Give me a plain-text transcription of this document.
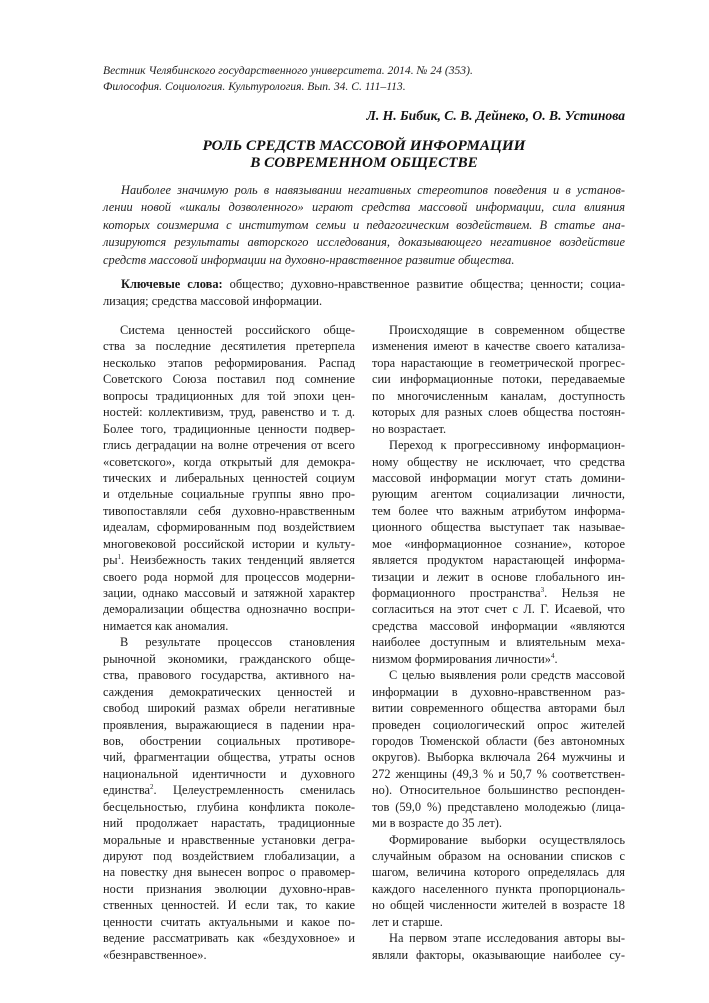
Вестник Челябинского государственного университета. 2014. № 24 (353).
Философия. Социология. Культурология. Вып. 34. С. 111–113.
Л. Н. Бибик, С. В. Дейнеко, О. В. Устинова
РОЛЬ СРЕДСТВ МАССОВОЙ ИНФОРМАЦИИ
В СОВРЕМЕННОМ ОБЩЕСТВЕ
Наиболее значимую роль в навязывании негативных стереотипов поведения и в установ-
лении новой «шкалы дозволенного» играют средства массовой информации, сила влияния
которых соизмерима с институтом семьи и педагогическим воздействием. В статье ана-
лизируются результаты авторского исследования, доказывающего негативное воздействие
средств массовой информации на духовно-нравственное развитие общества.
Ключевые слова: общество; духовно-нравственное развитие общества; ценности; социа-
лизация; средства массовой информации.
Система ценностей российского обще-
ства за последние десятилетия претерпела
несколько этапов реформирования. Распад
Советского Союза поставил под сомнение
вопросы традиционных для той эпохи цен-
ностей: коллективизм, труд, равенство и т. д.
Более того, традиционные ценности подвер-
глись деградации на волне отречения от всего
«советского», когда открытый для демокра-
тических и либеральных ценностей социум
и отдельные социальные группы явно про-
тивопоставляли себя духовно-нравственным
идеалам, сформированным под воздействием
многовековой российской истории и культу-
$ры^1$. Неизбежность таких тенденций является
своего рода нормой для процессов модерни-
зации, однако массовый и затяжной характер
деморализации общества однозначно воспри-
нимается как аномалия.
В результате процессов становления
рыночной экономики, гражданского обще-
ства, правового государства, активного на-
саждения демократических ценностей и
свобод широкий размах обрели негативные
проявления, выражающиеся в падении нра-
вов, обострении социальных противоре-
чий, фрагментации общества, утраты основ
национальной идентичности и духовного
единства$^2$. Целеустремленность сменилась
бесцельностью, глубина конфликта поколе-
ний продолжает нарастать, традиционные
моральные и нравственные установки дегра-
дируют под воздействием глобализации, а
на повестку дня вынесен вопрос о правомер-
ности признания эволюции духовно-нрав-
ственных ценностей. И если так, то какие
ценности считать актуальными и какое по-
ведение рассматривать как «бездуховное» и
«безнравственное».
Происходящие в современном обществе
изменения имеют в качестве своего катализа-
тора нарастающие в геометрической прогрес-
сии информационные потоки, передаваемые
по многочисленным каналам, доступность
которых для разных слоев общества постоян-
но возрастает.
Переход к прогрессивному информацион-
ному обществу не исключает, что средства
массовой информации могут стать домини-
рующим агентом социализации личности,
тем более что важным атрибутом информа-
ционного общества выступает так называе-
мое «информационное сознание», которое
является продуктом нарастающей информа-
тизации и лежит в основе глобального ин-
формационного пространства$^3$. Нельзя не
согласиться на этот счет с Л. Г. Исаевой, что
средства массовой информации «являются
наиболее доступным и влиятельным меха-
низмом формирования личности»$^4$.
С целью выявления роли средств массовой
информации в духовно-нравственном раз-
витии современного общества авторами был
проведен социологический опрос жителей
городов Тюменской области (без автономных
округов). Выборка включала 264 мужчины и
272 женщины (49,3 % и 50,7 % соответствен-
но). Относительное большинство респонден-
тов (59,0 %) представлено молодежью (лица-
ми в возрасте до 35 лет).
Формирование выборки осуществлялось
случайным образом на основании списков с
шагом, величина которого определялась для
каждого населенного пункта пропорциональ-
но общей численности жителей в возрасте 18
лет и старше.
На первом этапе исследования авторы вы-
являли факторы, оказывающие наиболее су-
